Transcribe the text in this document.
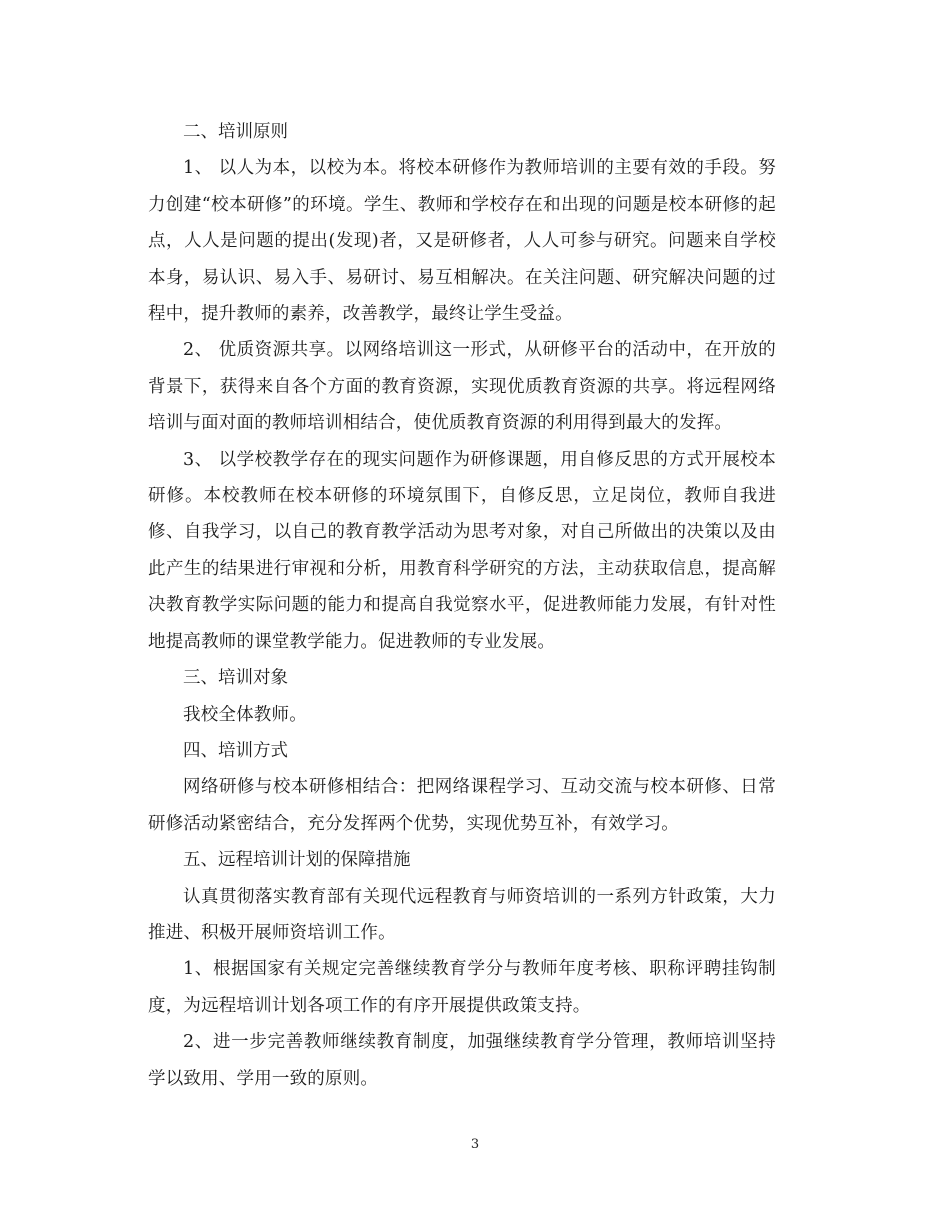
二、培训原则

1、 以人为本，以校为本。将校本研修作为教师培训的主要有效的手段。努力创建“校本研修”的环境。学生、教师和学校存在和出现的问题是校本研修的起点，人人是问题的提出(发现)者，又是研修者，人人可参与研究。问题来自学校本身，易认识、易入手、易研讨、易互相解决。在关注问题、研究解决问题的过程中，提升教师的素养，改善教学，最终让学生受益。

2、 优质资源共享。以网络培训这一形式，从研修平台的活动中，在开放的背景下，获得来自各个方面的教育资源，实现优质教育资源的共享。将远程网络培训与面对面的教师培训相结合，使优质教育资源的利用得到最大的发挥。

3、 以学校教学存在的现实问题作为研修课题，用自修反思的方式开展校本研修。本校教师在校本研修的环境氛围下，自修反思，立足岗位，教师自我进修、自我学习，以自己的教育教学活动为思考对象，对自己所做出的决策以及由此产生的结果进行审视和分析，用教育科学研究的方法，主动获取信息，提高解决教育教学实际问题的能力和提高自我觉察水平，促进教师能力发展，有针对性地提高教师的课堂教学能力。促进教师的专业发展。

三、培训对象

我校全体教师。

四、培训方式

网络研修与校本研修相结合：把网络课程学习、互动交流与校本研修、日常研修活动紧密结合，充分发挥两个优势，实现优势互补，有效学习。

五、远程培训计划的保障措施

认真贯彻落实教育部有关现代远程教育与师资培训的一系列方针政策，大力推进、积极开展师资培训工作。

1、根据国家有关规定完善继续教育学分与教师年度考核、职称评聘挂钩制度，为远程培训计划各项工作的有序开展提供政策支持。

2、进一步完善教师继续教育制度，加强继续教育学分管理，教师培训坚持学以致用、学用一致的原则。

3
